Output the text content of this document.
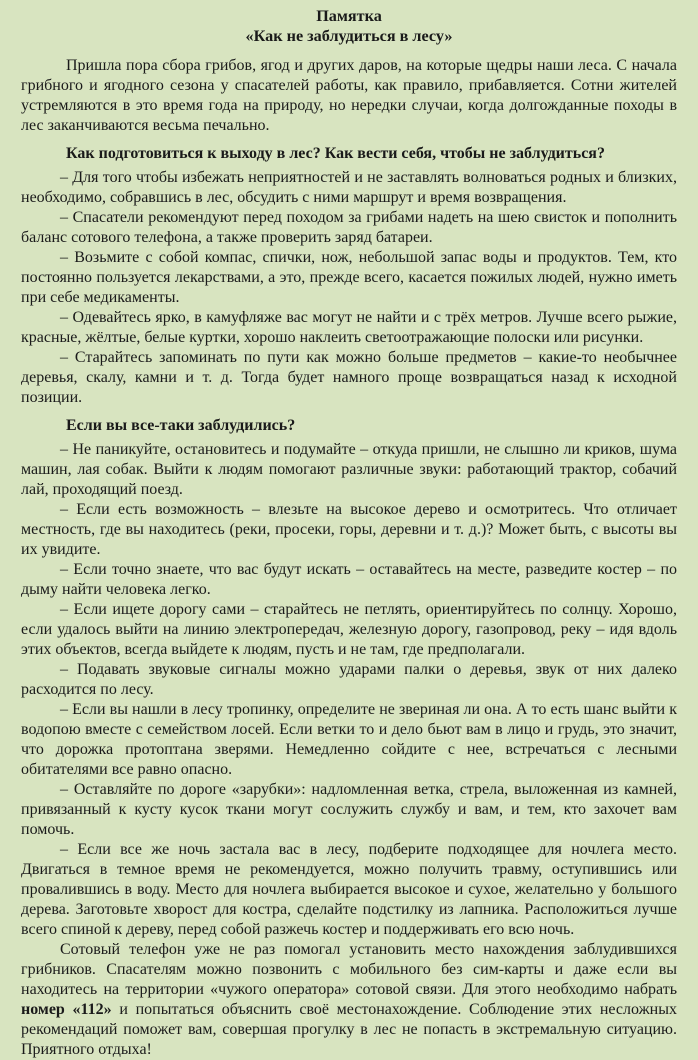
Памятка

«Как не заблудиться в лесу»

Пришла пора сбора грибов, ягод и других даров, на которые щедры наши леса. С начала грибного и ягодного сезона у спасателей работы, как правило, прибавляется. Сотни жителей устремляются в это время года на природу, но нередки случаи, когда долгожданные походы в лес заканчиваются весьма печально.

Как подготовиться к выходу в лес? Как вести себя, чтобы не заблудиться?

– Для того чтобы избежать неприятностей и не заставлять волноваться родных и близких, необходимо, собравшись в лес, обсудить с ними маршрут и время возвращения.

– Спасатели рекомендуют перед походом за грибами надеть на шею свисток и пополнить баланс сотового телефона, а также проверить заряд батареи.

– Возьмите с собой компас, спички, нож, небольшой запас воды и продуктов. Тем, кто постоянно пользуется лекарствами, а это, прежде всего, касается пожилых людей, нужно иметь при себе медикаменты.

– Одевайтесь ярко, в камуфляже вас могут не найти и с трёх метров. Лучше всего рыжие, красные, жёлтые, белые куртки, хорошо наклеить светоотражающие полоски или рисунки.

– Старайтесь запоминать по пути как можно больше предметов – какие-то необычнее деревья, скалу, камни и т. д. Тогда будет намного проще возвращаться назад к исходной позиции.

Если вы все-таки заблудились?

– Не паникуйте, остановитесь и подумайте – откуда пришли, не слышно ли криков, шума машин, лая собак. Выйти к людям помогают различные звуки: работающий трактор, собачий лай, проходящий поезд.

– Если есть возможность – влезьте на высокое дерево и осмотритесь. Что отличает местность, где вы находитесь (реки, просеки, горы, деревни и т. д.)? Может быть, с высоты вы их увидите.

– Если точно знаете, что вас будут искать – оставайтесь на месте, разведите костер – по дыму найти человека легко.

– Если ищете дорогу сами – старайтесь не петлять, ориентируйтесь по солнцу. Хорошо, если удалось выйти на линию электропередач, железную дорогу, газопровод, реку – идя вдоль этих объектов, всегда выйдете к людям, пусть и не там, где предполагали.

– Подавать звуковые сигналы можно ударами палки о деревья, звук от них далеко расходится по лесу.

– Если вы нашли в лесу тропинку, определите не звериная ли она. А то есть шанс выйти к водопою вместе с семейством лосей. Если ветки то и дело бьют вам в лицо и грудь, это значит, что дорожка протоптана зверями. Немедленно сойдите с нее, встречаться с лесными обитателями все равно опасно.

– Оставляйте по дороге «зарубки»: надломленная ветка, стрела, выложенная из камней, привязанный к кусту кусок ткани могут сослужить службу и вам, и тем, кто захочет вам помочь.

– Если все же ночь застала вас в лесу, подберите подходящее для ночлега место. Двигаться в темное время не рекомендуется, можно получить травму, оступившись или провалившись в воду. Место для ночлега выбирается высокое и сухое, желательно у большого дерева. Заготовьте хворост для костра, сделайте подстилку из лапника. Расположиться лучше всего спиной к дереву, перед собой разжечь костер и поддерживать его всю ночь.

Сотовый телефон уже не раз помогал установить место нахождения заблудившихся грибников. Спасателям можно позвонить с мобильного без сим-карты и даже если вы находитесь на территории «чужого оператора» сотовой связи. Для этого необходимо набрать номер «112» и попытаться объяснить своё местонахождение. Соблюдение этих несложных рекомендаций поможет вам, совершая прогулку в лес не попасть в экстремальную ситуацию. Приятного отдыха!
